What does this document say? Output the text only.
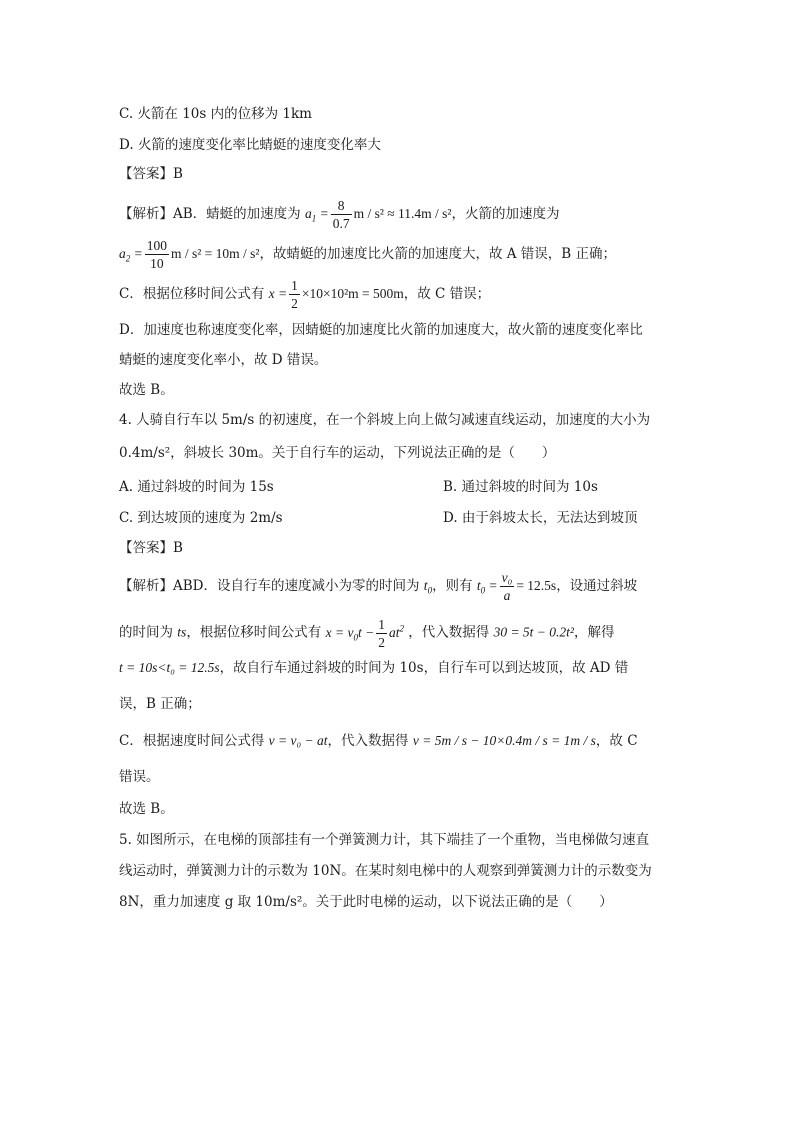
C. 火箭在 10s 内的位移为 1km
D. 火箭的速度变化率比蜻蜓的速度变化率大
【答案】B
【解析】AB．蜻蜓的加速度为 $a_1 = \frac{8}{0.7}$ m / s² ≈ 11.4m / s²，火箭的加速度为
$a_2 = \frac{100}{10}$ m / s² = 10m / s²，故蜻蜓的加速度比火箭的加速度大，故 A 错误，B 正确；
C．根据位移时间公式有 $x = \frac{1}{2} \times 10\times 10^2m = 500m$，故 C 错误；
D．加速度也称速度变化率，因蜻蜓的加速度比火箭的加速度大，故火箭的速度变化率比
蜻蜓的速度变化率小，故 D 错误。
故选 B。
4. 人骑自行车以 5m/s 的初速度，在一个斜坡上向上做匀减速直线运动，加速度的大小为
0.4m/s²，斜坡长 30m。关于自行车的运动，下列说法正确的是（　　）
A. 通过斜坡的时间为 15s	B. 通过斜坡的时间为 10s
C. 到达坡顶的速度为 2m/s	D. 由于斜坡太长，无法达到坡顶
【答案】B
【解析】ABD．设自行车的速度减小为零的时间为 $t_0$，则有 $t_0 = \frac{\text{v₀}}{a} = 12.5s$，设通过斜坡
的时间为 ts，根据位移时间公式有 $x = v_0t - \frac{1}{2} at^2$ ，代入数据得 30 = 5t − 0.2t²，解得
t = 10s<t₀ = 12.5s，故自行车通过斜坡的时间为 10s，自行车可以到达坡顶，故 AD 错
误，B 正确；
C．根据速度时间公式得 v = v₀ − at，代入数据得 v = 5m / s − 10×0.4m / s = 1m / s，故 C
错误。
故选 B。
5. 如图所示，在电梯的顶部挂有一个弹簧测力计，其下端挂了一个重物，当电梯做匀速直
线运动时，弹簧测力计的示数为 10N。在某时刻电梯中的人观察到弹簧测力计的示数变为
8N，重力加速度 g 取 10m/s²。关于此时电梯的运动，以下说法正确的是（　　）
